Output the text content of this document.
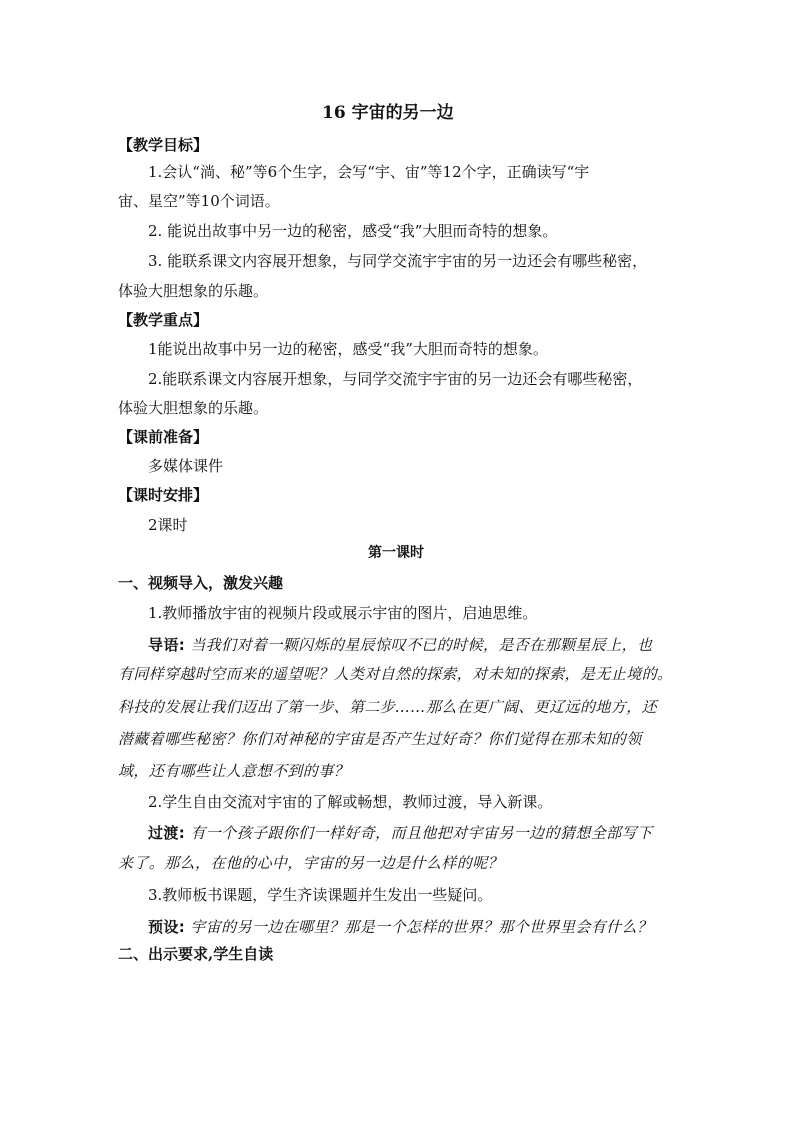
16 宇宙的另一边
【教学目标】
1.会认“淌、秘”等6个生字，会写“宇、宙”等12个字，正确读写“宇
宙、星空”等10个词语。
2. 能说出故事中另一边的秘密，感受“我”大胆而奇特的想象。
3. 能联系课文内容展开想象，与同学交流宇宇宙的另一边还会有哪些秘密，
体验大胆想象的乐趣。
【教学重点】
1能说出故事中另一边的秘密，感受“我”大胆而奇特的想象。
2.能联系课文内容展开想象，与同学交流宇宇宙的另一边还会有哪些秘密，
体验大胆想象的乐趣。
【课前准备】
多媒体课件
【课时安排】
2课时
第一课时
一、视频导入，激发兴趣
1.教师播放宇宙的视频片段或展示宇宙的图片，启迪思维。
导语: 当我们对着一颗闪烁的星辰惊叹不已的时候，是否在那颗星辰上，也
有同样穿越时空而来的遥望呢？人类对自然的探索，对未知的探索，是无止境的。
科技的发展让我们迈出了第一步、第二步……那么在更广阔、更辽远的地方，还
潜藏着哪些秘密？你们对神秘的宇宙是否产生过好奇？你们觉得在那未知的领
域，还有哪些让人意想不到的事？
2.学生自由交流对宇宙的了解或畅想，教师过渡，导入新课。
过渡: 有一个孩子跟你们一样好奇，而且他把对宇宙另一边的猜想全部写下
来了。那么，在他的心中，宇宙的另一边是什么样的呢？
3.教师板书课题，学生齐读课题并生发出一些疑问。
预设: 宇宙的另一边在哪里？那是一个怎样的世界？那个世界里会有什么？
二、出示要求,学生自读
